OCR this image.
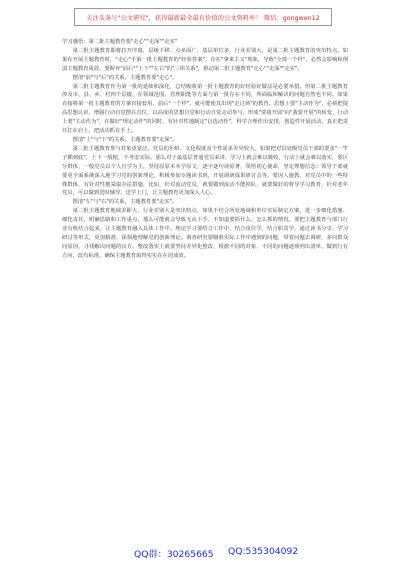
关注头条号"公文研究"，获得最新最全最有价值的公文资料库！ 微信：gongwen12

学习感悟：第二批主题教育要"走心""走深""走实"

第二批主题教育即将拉开序幕，层级下移、点多面广，基层单位多、行业差别大，是第二批主题教育的突出特点。如果在开展主题教育时，"走心"手第一批主题教育的"经验答案"，存在"拿来主义"现象，导致"全部一个样"，必然会影响和削弱主题教育成效。要摒弃"前后""上下""左右"的"三组关系"，推动第二批主题教育"走心""走深""走实"。

摆清"前"与"后"的关系，主题教育要"走心"。

第二批主题教育作为第一批的延续和深化，总结吸收第一批主题教育的好经验好做法是必要举措。但第二批主题教育涉及市、县、乡、村四个层级，在领域范围、管理职能等方面与第一批存在不同，所面临和解决的问题自然也不同。如果直接将第一批主题教育的方案直接套用，前后"一个样"，就可能使其出现"走过场"的教育。思想上要"主动作为"，必须把提高思想认识、增强行动自觉摆在首位，以高度的思想自觉和行动自觉走动参与，形成"要我开展"向"我要开展"的转变，行动上要"主动作为"，在做好"规定动作"的同时，有针对性地制定"自选动作"，科学合理作出安排，创造性开展活动，真正把责任扛在肩上，把活动抓在手上。

摆清"上"与"下"的关系，主题教育要"走深"。

第二批主题教育参与对象更宽泛，党员的年龄、文化程度及个性需求差异较大，如果把对县处级党员干部的要求"一竿子插到底"，上下一般粗，不考虑实际，那么对于最基层普通党员来讲，学习上就会难以吸收，行动上就会难以落实，要区分群体，一般党员以个人自学为主，坚持原原本本学原文，逐字逐句读原著，领悟初心使命，坚定理想信念；领导干部就要更全面系统深入地学习党的创新理论，积极参加专题读书班，开展调研成果研讨会等。要因人施教，对党员中的一些特殊群体，有针对性地采取办法措施，比如，针对流动党员，就要做到流动不能掉队、就要做好的督导学习教育，针对老年党员，可以做到送时辅导，送学上门，让主题教育更加深入人心。

摆清"左"与"右"的关系，主题教育要"走实"。

第二批主题教育地域差距大、行业差别大是突出特点，如果不结合所处地域和单位实际制定方案，进一步细化措施、细化责任，明确思路和工作重点，那么可能就会导致无从下手、不知道要抓什么、怎么抓的情况。要把主题教育与部门行业有机结合起来，让主题教育融入具体工作中。理论学习要结合工作中，结合岗位学，结合职责学，通过读书分享、学习研讨等形式，更加精准、深刻地理解党的创新理论。调查研究要瞄准实际工作中遇到的问题，带着问题去调研，多向群众问原因，寻找解决问题的良方。整改落实上就要坚持差异化整改，根据不同的对象、不同的问题逐项列出清单，做到行有方向，改有标准，确保主题教育取得实实在在的成效。

QQ群：30265665 QQ:535304092
